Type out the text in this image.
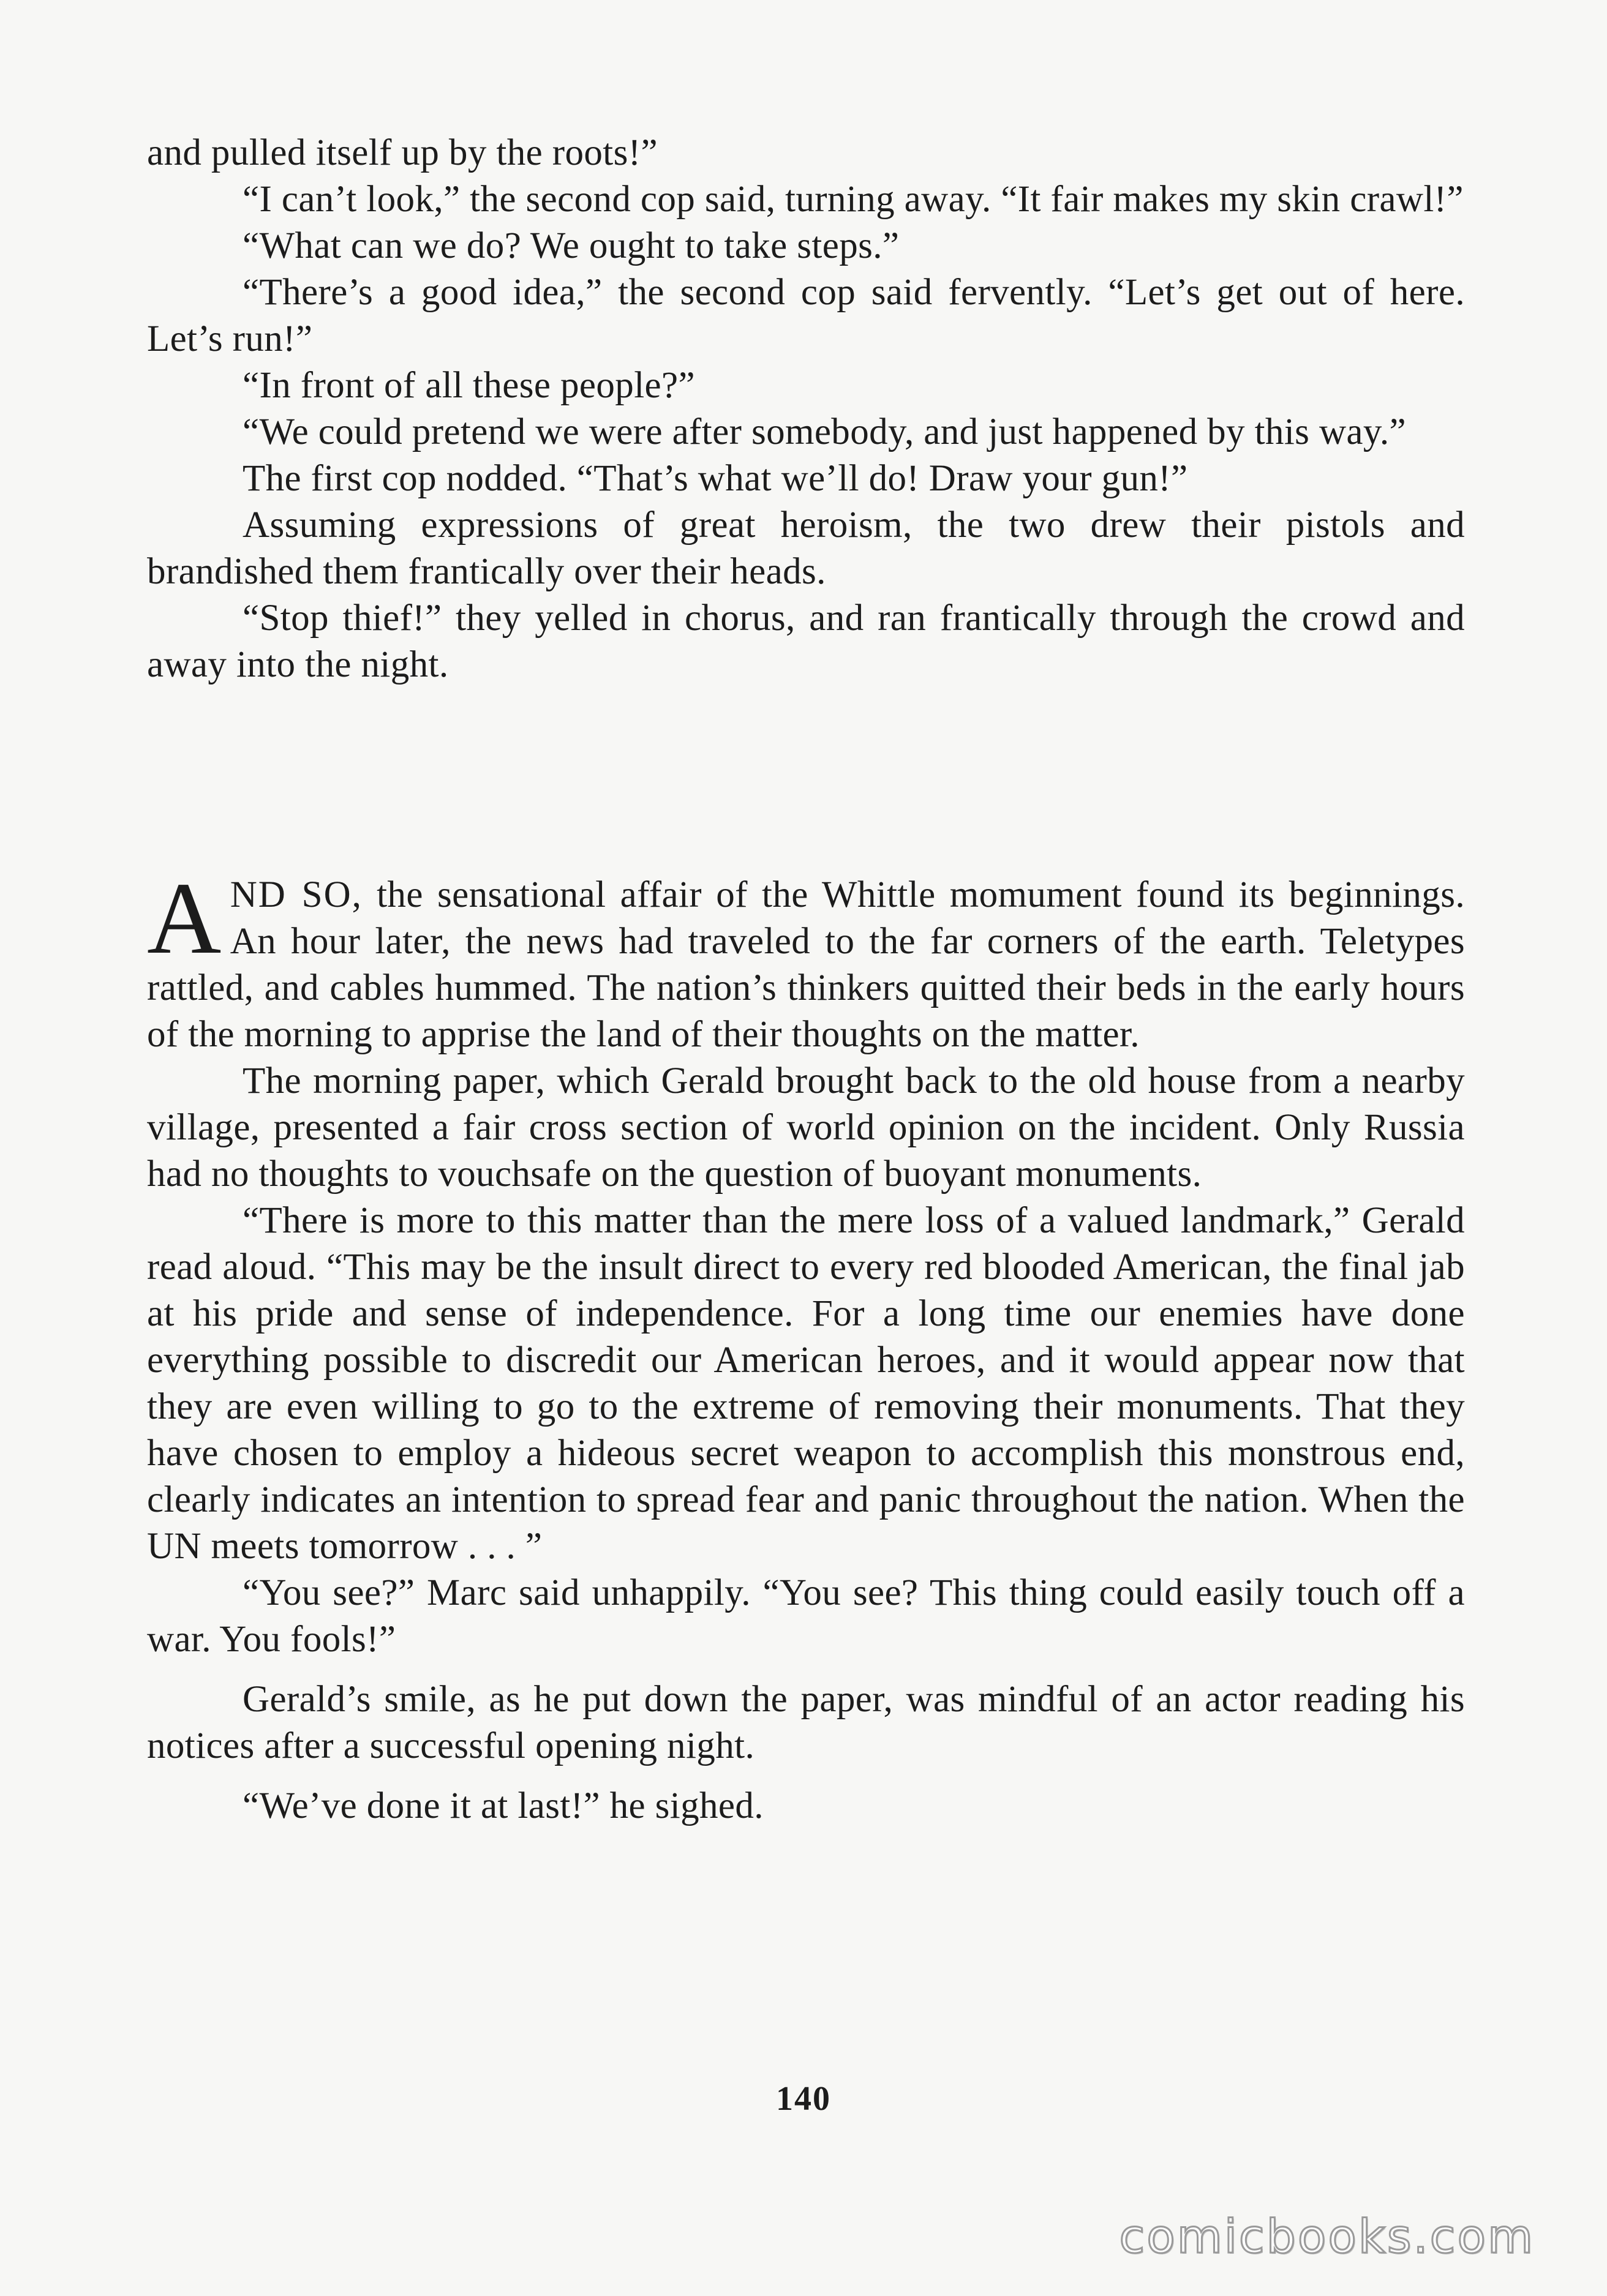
and pulled itself up by the roots!”

“I can’t look,” the second cop said, turning away. “It fair makes my skin crawl!”

“What can we do? We ought to take steps.”

“There’s a good idea,” the second cop said fervently. “Let’s get out of here. Let’s run!”

“In front of all these people?”

“We could pretend we were after somebody, and just happened by this way.”

The first cop nodded. “That’s what we’ll do! Draw your gun!”

Assuming expressions of great heroism, the two drew their pistols and brandished them frantically over their heads.

“Stop thief!” they yelled in chorus, and ran frantically through the crowd and away into the night.

AND SO, the sensational affair of the Whittle momument found its beginnings. An hour later, the news had traveled to the far corners of the earth. Teletypes rattled, and cables hummed. The nation’s thinkers quitted their beds in the early hours of the morning to apprise the land of their thoughts on the matter.

The morning paper, which Gerald brought back to the old house from a nearby village, presented a fair cross section of world opinion on the incident. Only Russia had no thoughts to vouchsafe on the question of buoyant monuments.

“There is more to this matter than the mere loss of a valued landmark,” Gerald read aloud. “This may be the insult direct to every red blooded American, the final jab at his pride and sense of independence. For a long time our enemies have done everything possible to discredit our American heroes, and it would appear now that they are even willing to go to the extreme of removing their monuments. That they have chosen to employ a hideous secret weapon to accomplish this monstrous end, clearly indicates an intention to spread fear and panic throughout the nation. When the UN meets tomorrow . . . ”

“You see?” Marc said unhappily. “You see? This thing could easily touch off a war. You fools!”

Gerald’s smile, as he put down the paper, was mindful of an actor reading his notices after a successful opening night.

“We’ve done it at last!” he sighed.

140
comicbooks.com
